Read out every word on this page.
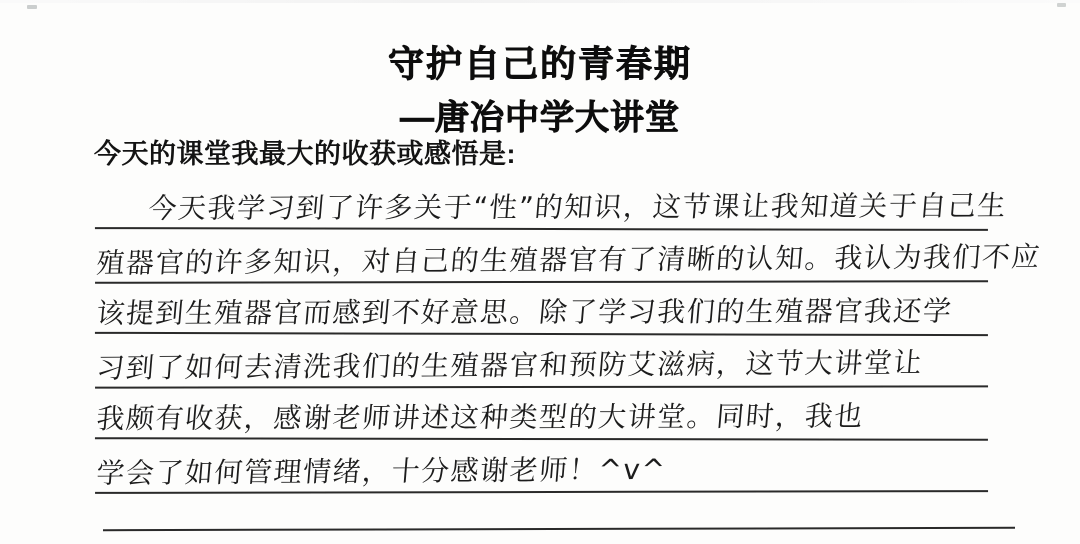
守护自己的青春期
—唐冶中学大讲堂
今天的课堂我最大的收获或感悟是:
今天我学习到了许多关于“性”的知识，这节课让我知道关于自己生
殖器官的许多知识，对自己的生殖器官有了清晰的认知。我认为我们不应
该提到生殖器官而感到不好意思。除了学习我们的生殖器官我还学
习到了如何去清洗我们的生殖器官和预防艾滋病，这节大讲堂让
我颇有收获，感谢老师讲述这种类型的大讲堂。同时，我也
学会了如何管理情绪，十分感谢老师！^v^
